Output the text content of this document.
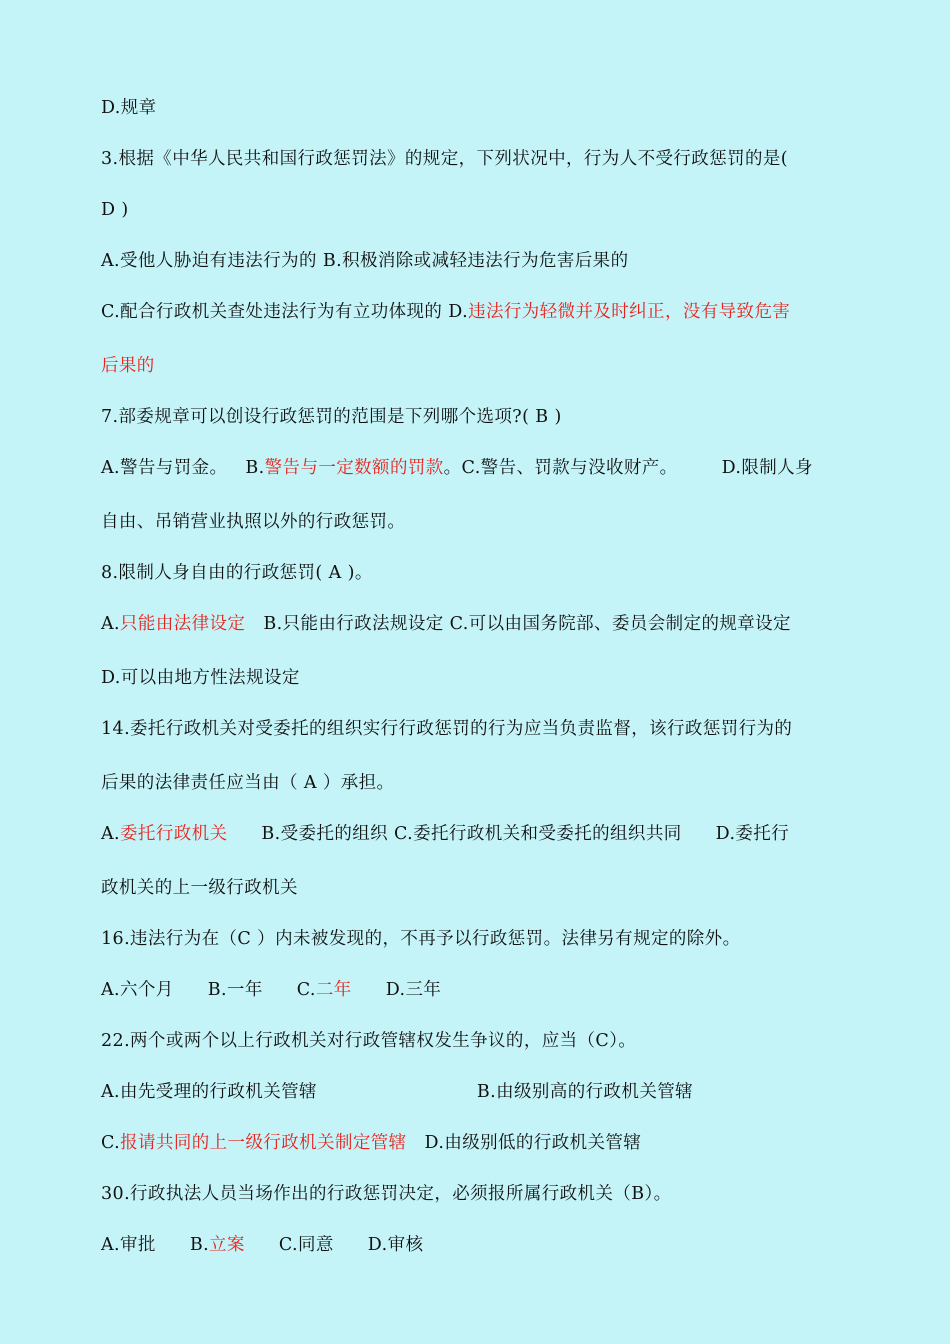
D.规章
3.根据《中华人民共和国行政惩罚法》的规定，下列状况中，行为人不受行政惩罚的是(
D )
A.受他人胁迫有违法行为的 B.积极消除或减轻违法行为危害后果的
C.配合行政机关查处违法行为有立功体现的 D.违法行为轻微并及时纠正，没有导致危害
后果的
7.部委规章可以创设行政惩罚的范围是下列哪个选项?( B )
A.警告与罚金。 B.警告与一定数额的罚款。C.警告、罚款与没收财产。	D.限制人身
自由、吊销营业执照以外的行政惩罚。
8.限制人身自由的行政惩罚( A )。
A.只能由法律设定 B.只能由行政法规设定 C.可以由国务院部、委员会制定的规章设定
D.可以由地方性法规设定
14.委托行政机关对受委托的组织实行行政惩罚的行为应当负责监督，该行政惩罚行为的
后果的法律责任应当由（ A ）承担。
A.委托行政机关 B.受委托的组织 C.委托行政机关和受委托的组织共同 D.委托行
政机关的上一级行政机关
16.违法行为在（C ）内未被发现的，不再予以行政惩罚。法律另有规定的除外。
A.六个月 B.一年 C.二年 D.三年
22.两个或两个以上行政机关对行政管辖权发生争议的，应当（C）。
A.由先受理的行政机关管辖	B.由级别高的行政机关管辖
C.报请共同的上一级行政机关制定管辖 D.由级别低的行政机关管辖
30.行政执法人员当场作出的行政惩罚决定，必须报所属行政机关（B）。
A.审批 B.立案 C.同意 D.审核
